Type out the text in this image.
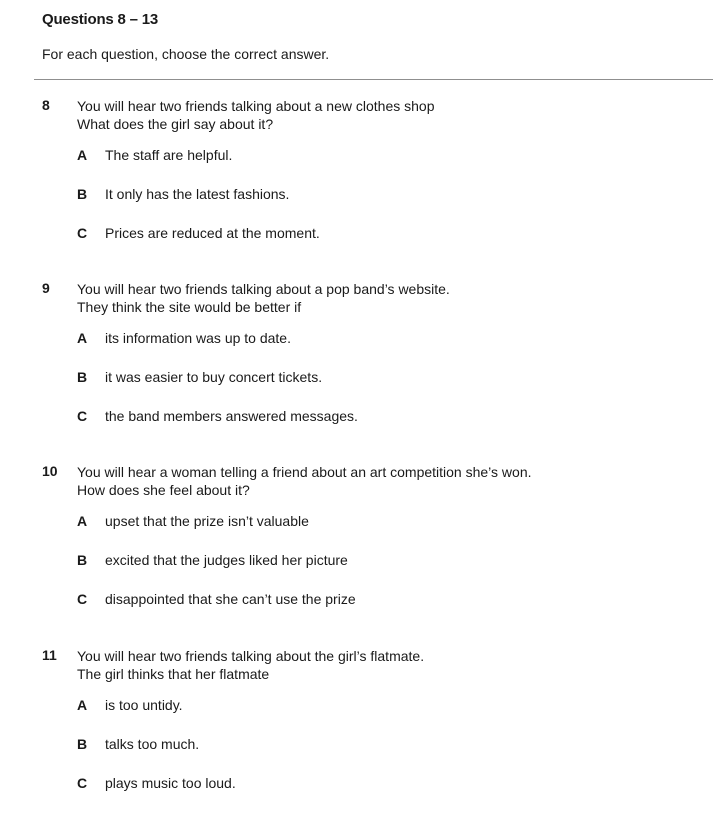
Questions 8 – 13
For each question, choose the correct answer.
8 You will hear two friends talking about a new clothes shop
What does the girl say about it?
A The staff are helpful.
B It only has the latest fashions.
C Prices are reduced at the moment.
9 You will hear two friends talking about a pop band’s website.
They think the site would be better if
A its information was up to date.
B it was easier to buy concert tickets.
C the band members answered messages.
10 You will hear a woman telling a friend about an art competition she’s won.
How does she feel about it?
A upset that the prize isn’t valuable
B excited that the judges liked her picture
C disappointed that she can’t use the prize
11 You will hear two friends talking about the girl’s flatmate.
The girl thinks that her flatmate
A is too untidy.
B talks too much.
C plays music too loud.
